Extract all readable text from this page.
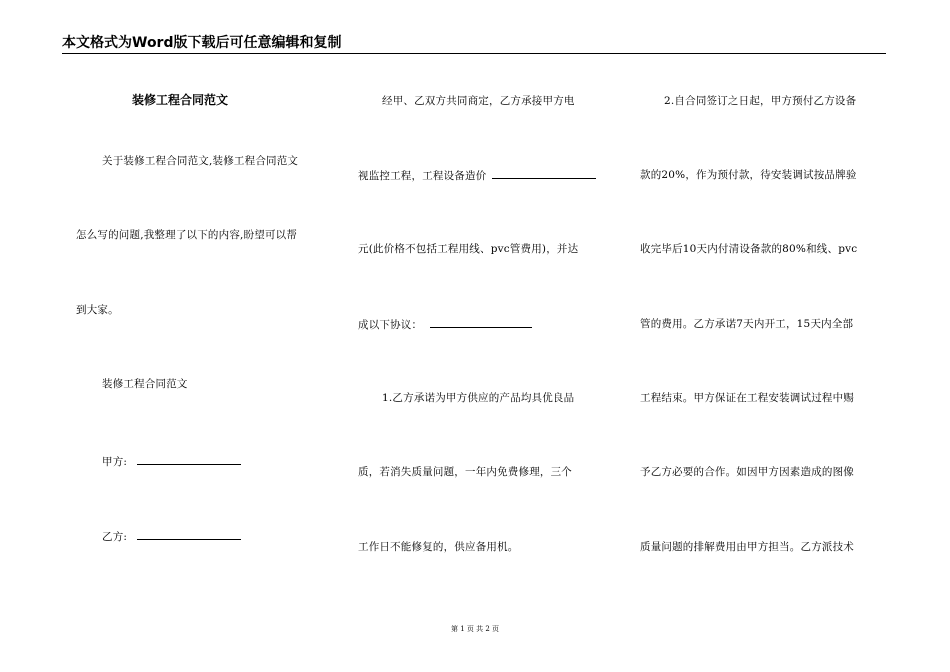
本文格式为Word版下载后可任意编辑和复制
装修工程合同范文
关于装修工程合同范文,装修工程合同范文
怎么写的问题,我整理了以下的内容,盼望可以帮
到大家。
装修工程合同范文
甲方:
乙方:
经甲、乙双方共同商定，乙方承接甲方电
视监控工程，工程设备造价
元(此价格不包括工程用线、pvc管费用)，并达
成以下协议：
1.乙方承诺为甲方供应的产品均具优良品
质，若消失质量问题，一年内免费修理，三个
工作日不能修复的，供应备用机。
2.自合同签订之日起，甲方预付乙方设备
款的20%，作为预付款，待安装调试按品牌验
收完毕后10天内付清设备款的80%和线、pvc
管的费用。乙方承诺7天内开工，15天内全部
工程结束。甲方保证在工程安装调试过程中赐
予乙方必要的合作。如因甲方因素造成的图像
质量问题的排解费用由甲方担当。乙方派技术
第 1 页 共 2 页
